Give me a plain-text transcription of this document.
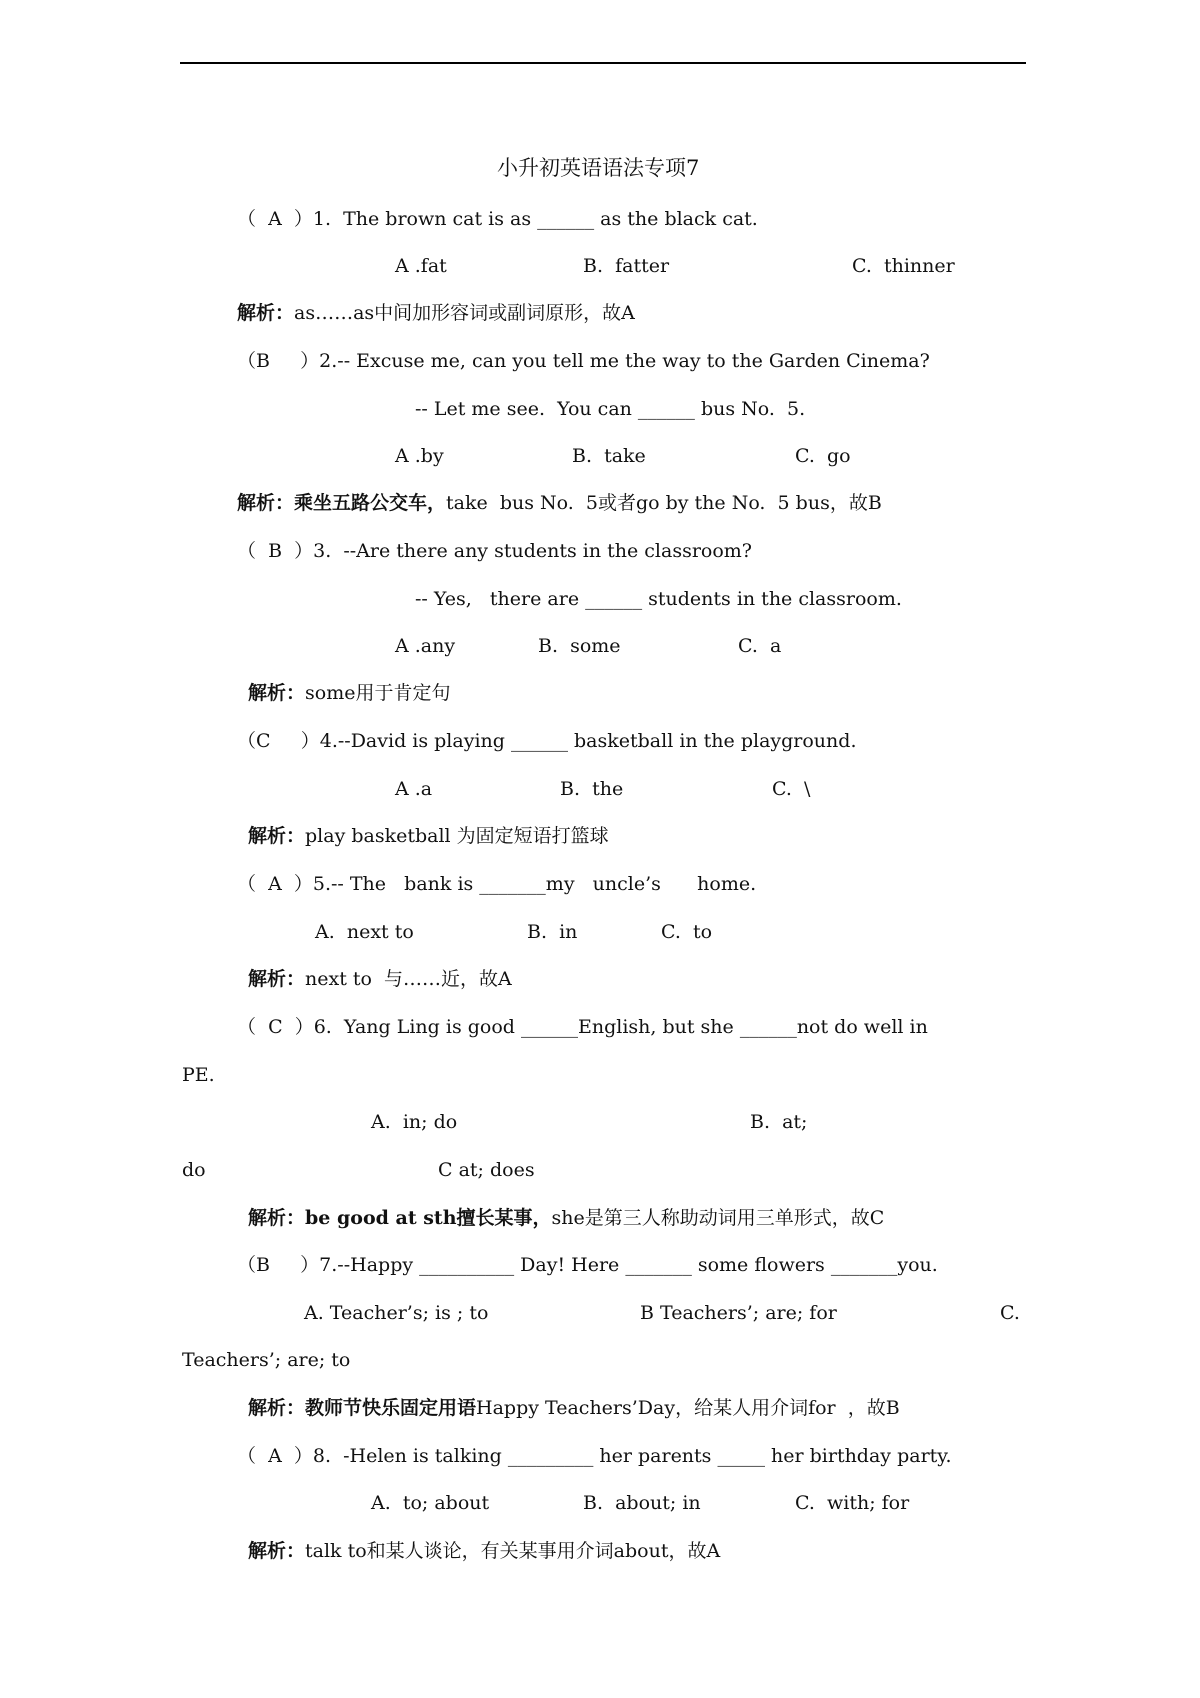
小升初英语语法专项7
（  A  ）1.  The brown cat is as ______ as the black cat.
A .fat	B.  fatter	C.  thinner
解析：as……as中间加形容词或副词原形，故A
（B     ）2.-- Excuse me, can you tell me the way to the Garden Cinema?
-- Let me see.  You can ______ bus No.  5.
A .by	B.  take	C.  go
解析：乘坐五路公交车，take  bus No.  5或者go by the No.  5 bus，故B
（  B  ）3.  --Are there any students in the classroom?
-- Yes,   there are ______ students in the classroom.
A .any	B.  some	C.  a
解析：some用于肯定句
（C     ）4.--David is playing ______ basketball in the playground.
A .a	B.  the	C.  \
解析：play basketball 为固定短语打篮球
（  A  ）5.-- The   bank is _______my   uncle’s      home.
A.  next to	B.  in	C.  to
解析：next to  与……近，故A
（  C  ）6.  Yang Ling is good ______English, but she ______not do well in
PE.
A.  in; do	B.  at;
do	C at; does
解析：be good at sth擅长某事，she是第三人称助动词用三单形式，故C
（B     ）7.--Happy __________ Day! Here _______ some flowers _______you.
A. Teacher’s; is ; to	B Teachers’; are; for	C.
Teachers’; are; to
解析：教师节快乐固定用语Happy Teachers’Day，给某人用介词for  ，故B
（  A  ）8.  -Helen is talking _________ her parents _____ her birthday party.
A.  to; about	B.  about; in	C.  with; for
解析：talk to和某人谈论，有关某事用介词about，故A
